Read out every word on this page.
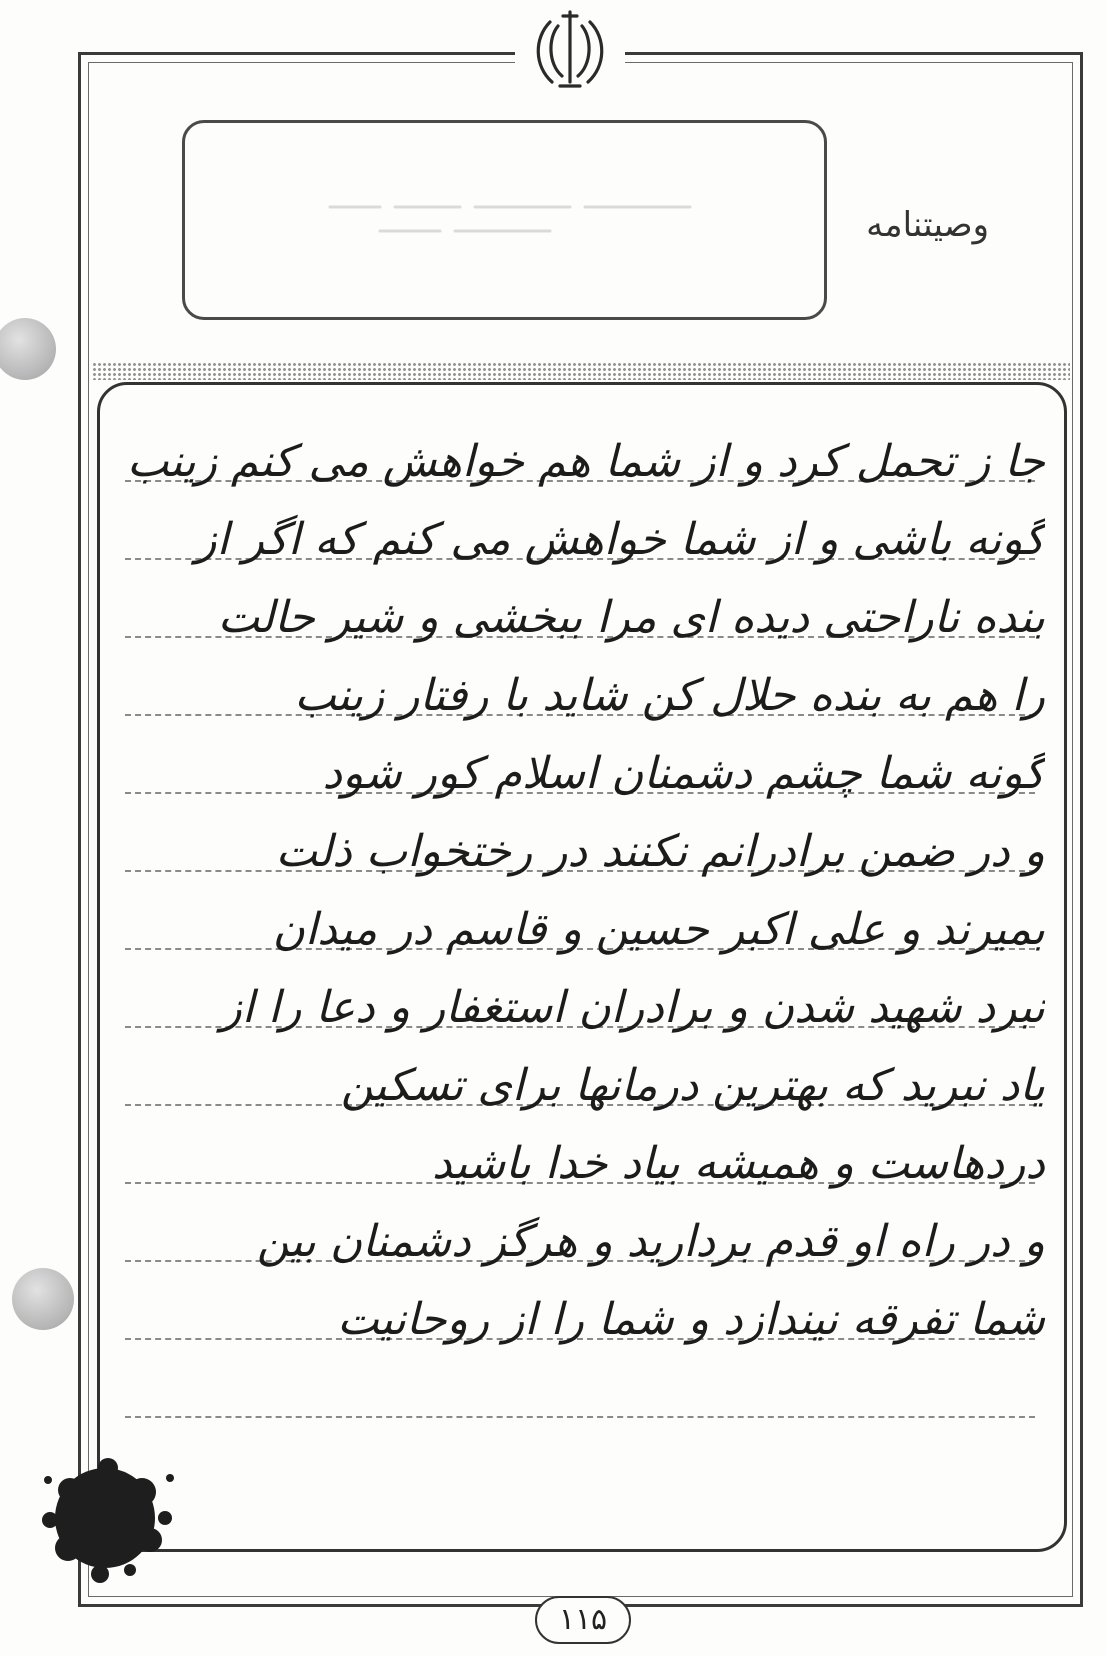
وصیتنامه
جا ز تحمل کرد و از شما هم خواهش می کنم زینب
گونه باشی و از شما خواهش می کنم که اگر از
بنده ناراحتی دیده ای مرا ببخشی و شیر حالت
را هم به بنده حلال کن شاید با رفتار زینب
گونه شما چشم دشمنان اسلام کور شود
و در ضمن برادرانم نکنند در رختخواب ذلت
بمیرند و علی اکبر حسین و قاسم در میدان
نبرد شهید شدن و برادران استغفار و دعا را از
یاد نبرید که بهترین درمانها برای تسکین
دردهاست و همیشه بیاد خدا باشید
و در راه او قدم بردارید و هرگز دشمنان بین
شما تفرقه نیندازد و شما را از روحانیت
۱۱۵
